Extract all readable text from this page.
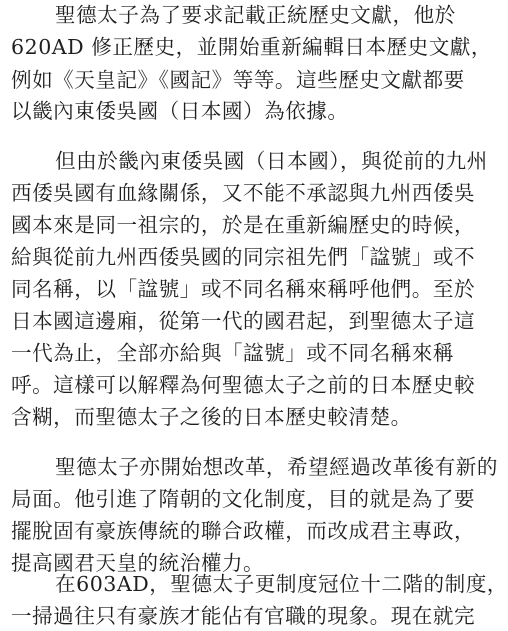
聖德太子為了要求記載正統歷史文獻，他於
620AD 修正歷史，並開始重新編輯日本歷史文獻，
例如《天皇記》《國記》等等。這些歷史文獻都要
以畿內東倭吳國（日本國）為依據。
但由於畿內東倭吳國（日本國），與從前的九州
西倭吳國有血緣關係，又不能不承認與九州西倭吳
國本來是同一祖宗的，於是在重新編歷史的時候，
給與從前九州西倭吳國的同宗祖先們「諡號」或不
同名稱，以「諡號」或不同名稱來稱呼他們。至於
日本國這邊廂，從第一代的國君起，到聖德太子這
一代為止，全部亦給與「諡號」或不同名稱來稱
呼。這樣可以解釋為何聖德太子之前的日本歷史較
含糊，而聖德太子之後的日本歷史較清楚。
聖德太子亦開始想改革，希望經過改革後有新的
局面。他引進了隋朝的文化制度，目的就是為了要
擺脫固有豪族傳統的聯合政權，而改成君主專政，
提高國君天皇的統治權力。
在603AD，聖德太子更制度冠位十二階的制度，
一掃過往只有豪族才能佔有官職的現象。現在就完
